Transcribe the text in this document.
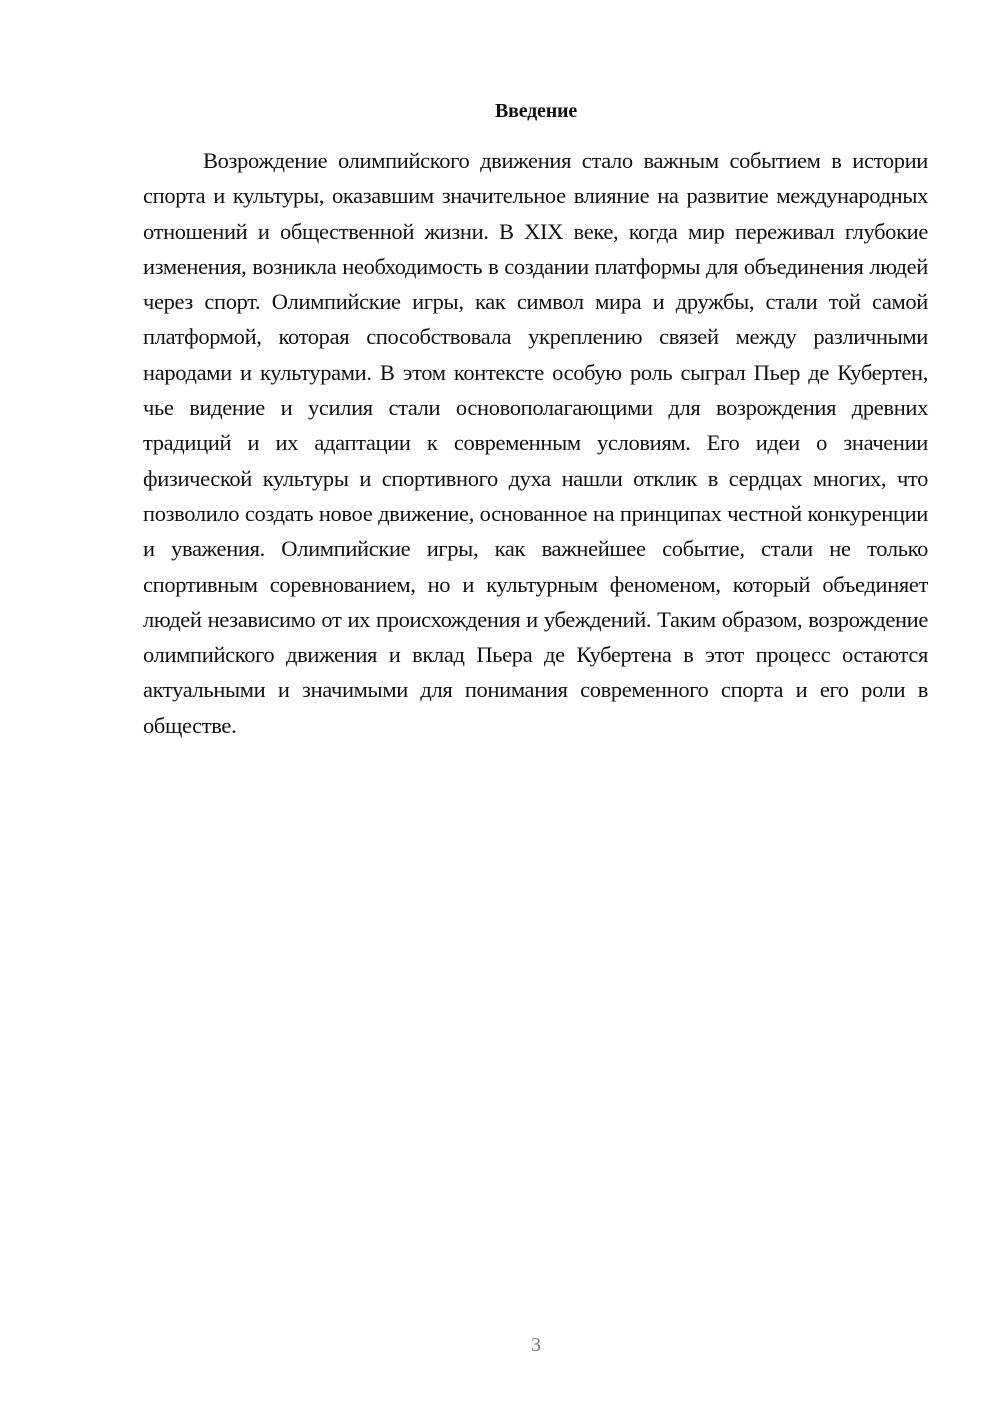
Введение

Возрождение олимпийского движения стало важным событием в истории спорта и культуры, оказавшим значительное влияние на развитие международных отношений и общественной жизни. В XIX веке, когда мир переживал глубокие изменения, возникла необходимость в создании платформы для объединения людей через спорт. Олимпийские игры, как символ мира и дружбы, стали той самой платформой, которая способствовала укреплению связей между различными народами и культурами. В этом контексте особую роль сыграл Пьер де Кубертен, чье видение и усилия стали основополагающими для возрождения древних традиций и их адаптации к современным условиям. Его идеи о значении физической культуры и спортивного духа нашли отклик в сердцах многих, что позволило создать новое движение, основанное на принципах честной конкуренции и уважения. Олимпийские игры, как важнейшее событие, стали не только спортивным соревнованием, но и культурным феноменом, который объединяет людей независимо от их происхождения и убеждений. Таким образом, возрождение олимпийского движения и вклад Пьера де Кубертена в этот процесс остаются актуальными и значимыми для понимания современного спорта и его роли в обществе.

3
